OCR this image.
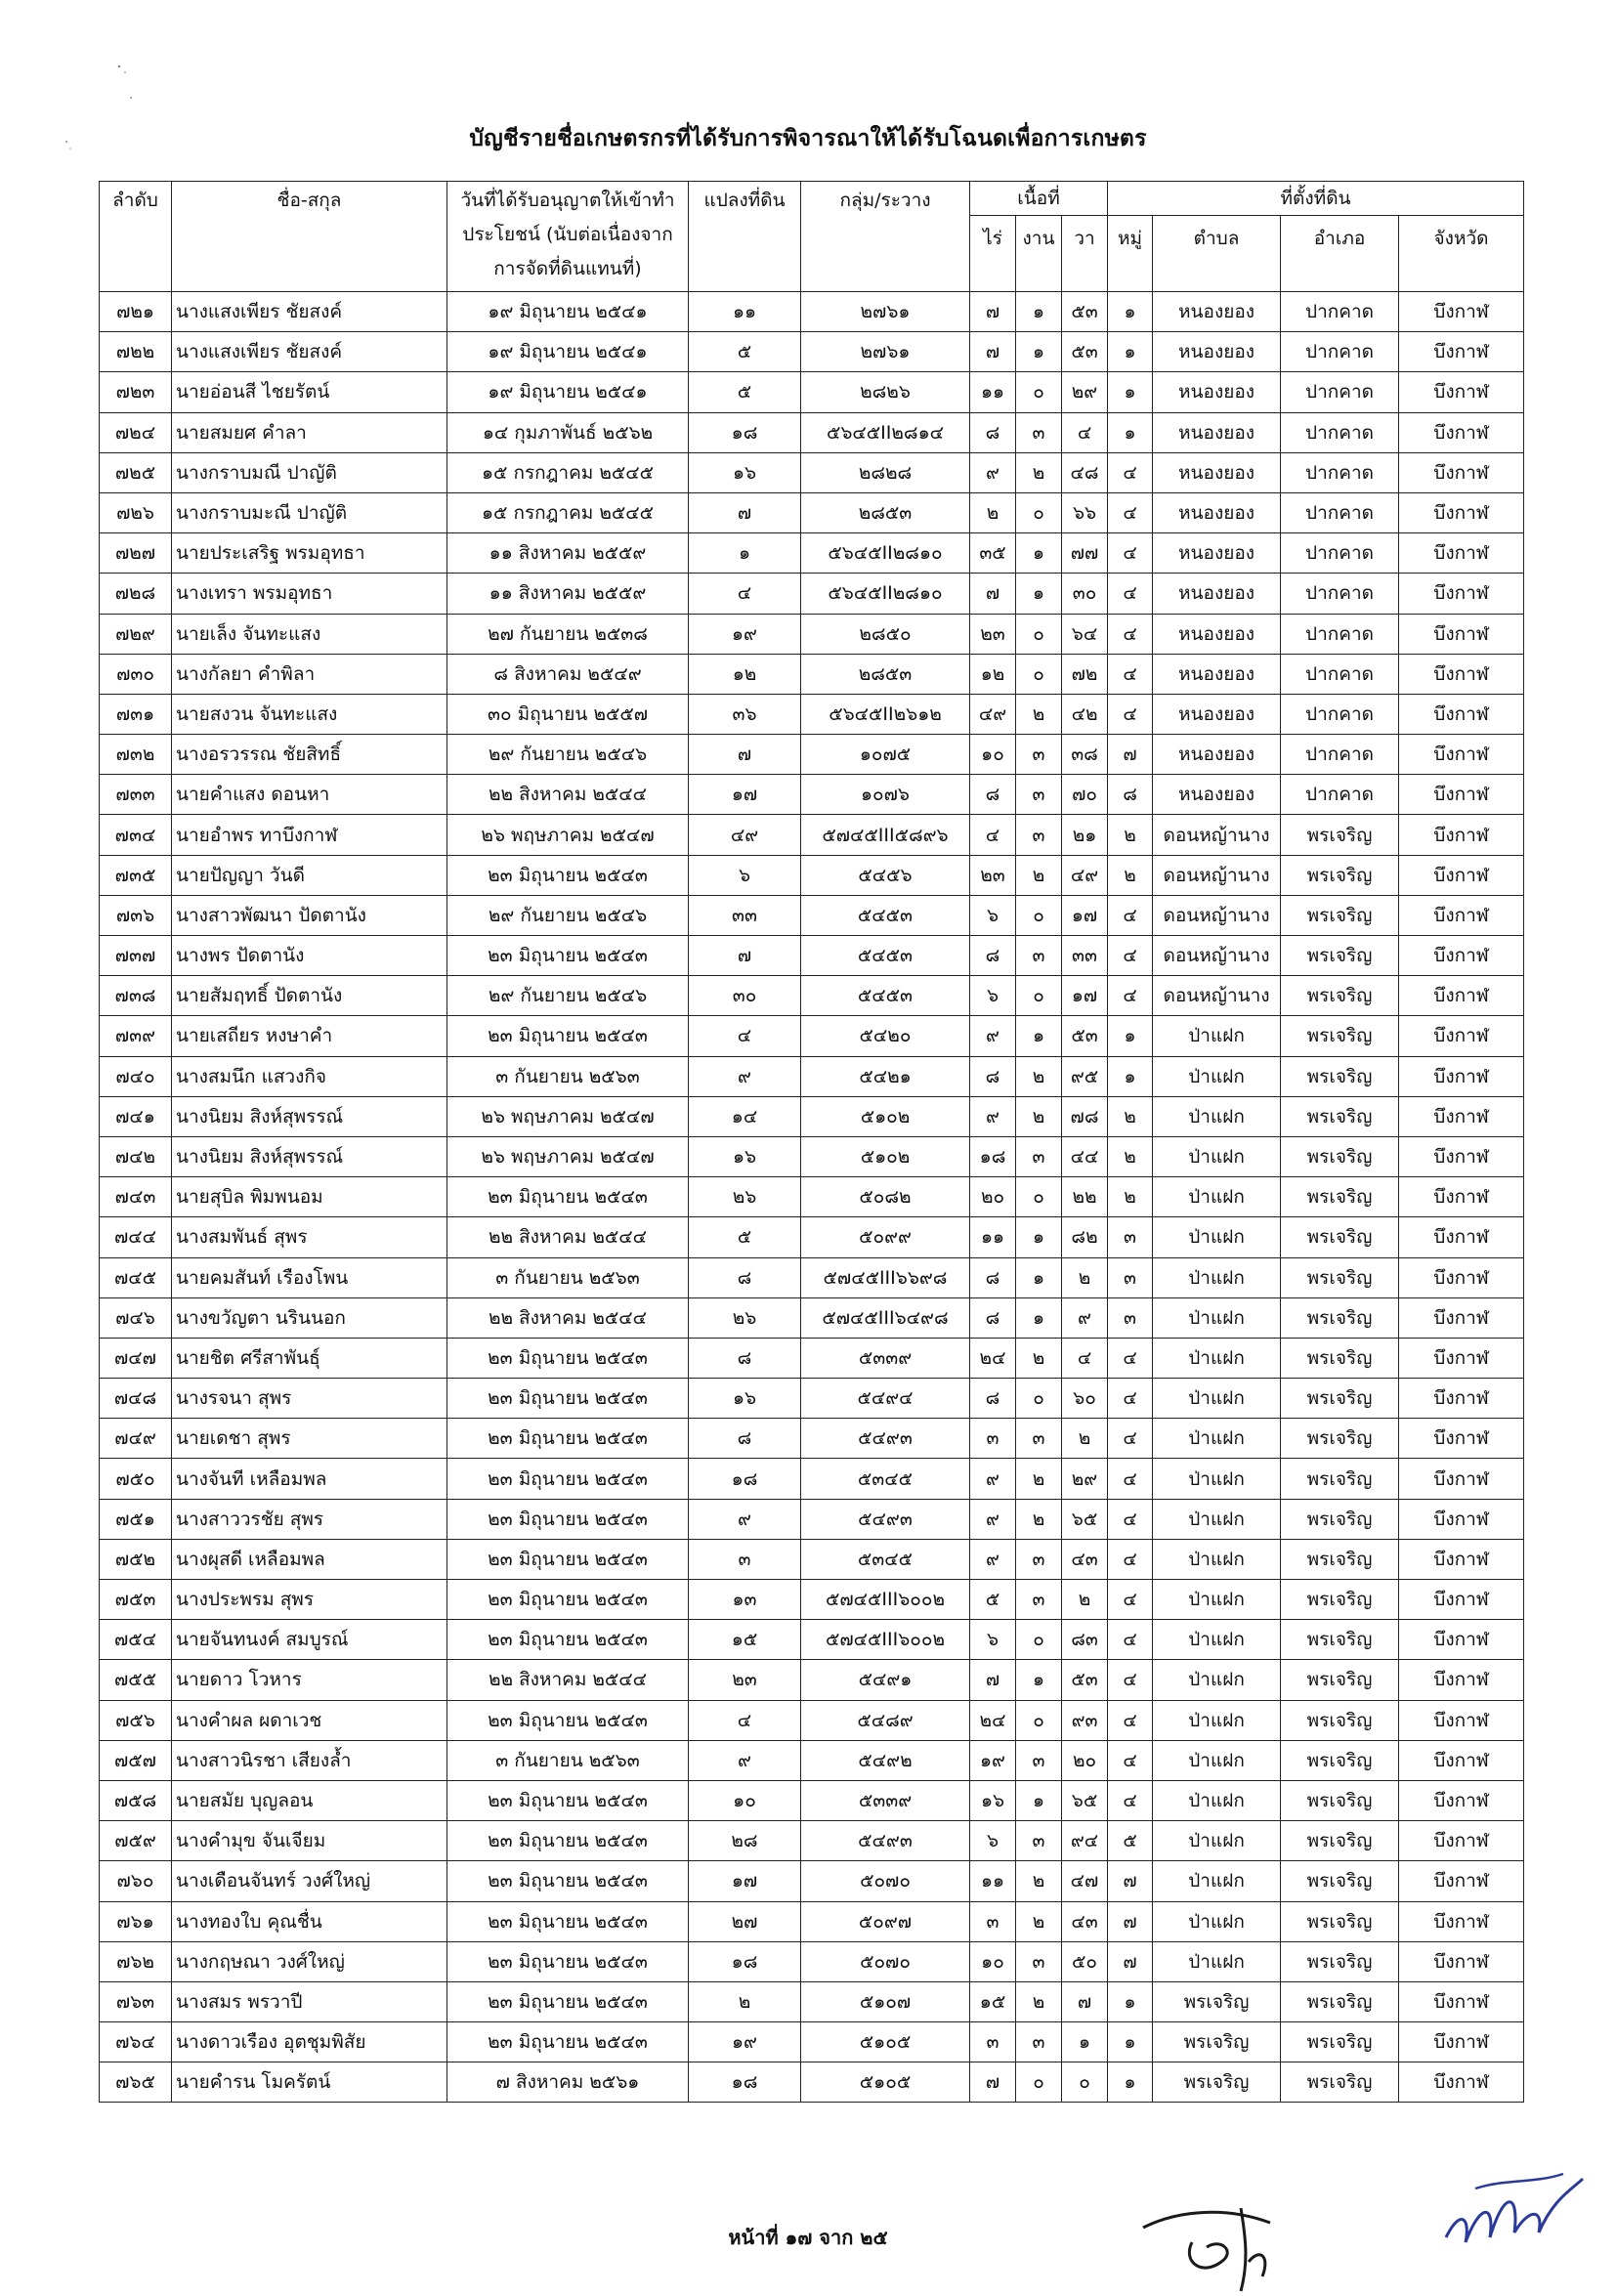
บัญชีรายชื่อเกษตรกรที่ได้รับการพิจารณาให้ได้รับโฉนดเพื่อการเกษตร
ลำดับ	ชื่อ-สกุล	วันที่ได้รับอนุญาตให้เข้าทำประโยชน์ (นับต่อเนื่องจากการจัดที่ดินแทนที่)	แปลงที่ดิน	กลุ่ม/ระวาง	เนื้อที่			ที่ตั้งที่ดิน			
					ไร่	งาน	วา	หมู่	ตำบล	อำเภอ	จังหวัด
๗๒๑	นางแสงเพียร ชัยสงค์	๑๙ มิถุนายน ๒๕๔๑	๑๑	๒๗๖๑	๗	๑	๕๓	๑	หนองยอง	ปากคาด	บึงกาฬ
๗๒๒	นางแสงเพียร ชัยสงค์	๑๙ มิถุนายน ๒๕๔๑	๕	๒๗๖๑	๗	๑	๕๓	๑	หนองยอง	ปากคาด	บึงกาฬ
๗๒๓	นายอ่อนสี ไชยรัตน์	๑๙ มิถุนายน ๒๕๔๑	๕	๒๘๒๖	๑๑	๐	๒๙	๑	หนองยอง	ปากคาด	บึงกาฬ
๗๒๔	นายสมยศ คำลา	๑๔ กุมภาพันธ์ ๒๕๖๒	๑๘	๕๖๔๕II๒๘๑๔	๘	๓	๔	๑	หนองยอง	ปากคาด	บึงกาฬ
๗๒๕	นางกราบมณี ปาญัติ	๑๕ กรกฎาคม ๒๕๔๕	๑๖	๒๘๒๘	๙	๒	๔๘	๔	หนองยอง	ปากคาด	บึงกาฬ
๗๒๖	นางกราบมะณี ปาญัติ	๑๕ กรกฎาคม ๒๕๔๕	๗	๒๘๕๓	๒	๐	๖๖	๔	หนองยอง	ปากคาด	บึงกาฬ
๗๒๗	นายประเสริฐ พรมอุทธา	๑๑ สิงหาคม ๒๕๕๙	๑	๕๖๔๕II๒๘๑๐	๓๕	๑	๗๗	๔	หนองยอง	ปากคาด	บึงกาฬ
๗๒๘	นางเทรา พรมอุทธา	๑๑ สิงหาคม ๒๕๕๙	๔	๕๖๔๕II๒๘๑๐	๗	๑	๓๐	๔	หนองยอง	ปากคาด	บึงกาฬ
๗๒๙	นายเล็ง จันทะแสง	๒๗ กันยายน ๒๕๓๘	๑๙	๒๘๕๐	๒๓	๐	๖๔	๔	หนองยอง	ปากคาด	บึงกาฬ
๗๓๐	นางกัลยา คำพิลา	๘ สิงหาคม ๒๕๔๙	๑๒	๒๘๕๓	๑๒	๐	๗๒	๔	หนองยอง	ปากคาด	บึงกาฬ
๗๓๑	นายสงวน จันทะแสง	๓๐ มิถุนายน ๒๕๕๗	๓๖	๕๖๔๕II๒๖๑๒	๔๙	๒	๔๒	๔	หนองยอง	ปากคาด	บึงกาฬ
๗๓๒	นางอรวรรณ ชัยสิทธิ์	๒๙ กันยายน ๒๕๔๖	๗	๑๐๗๕	๑๐	๓	๓๘	๗	หนองยอง	ปากคาด	บึงกาฬ
๗๓๓	นายคำแสง ดอนหา	๒๒ สิงหาคม ๒๕๔๔	๑๗	๑๐๗๖	๘	๓	๗๐	๘	หนองยอง	ปากคาด	บึงกาฬ
๗๓๔	นายอำพร ทาบึงกาฬ	๒๖ พฤษภาคม ๒๕๔๗	๔๙	๕๗๔๕III๕๘๙๖	๔	๓	๒๑	๒	ดอนหญ้านาง	พรเจริญ	บึงกาฬ
๗๓๕	นายปัญญา วันดี	๒๓ มิถุนายน ๒๕๔๓	๖	๕๔๕๖	๒๓	๒	๔๙	๒	ดอนหญ้านาง	พรเจริญ	บึงกาฬ
๗๓๖	นางสาวพัฒนา ปัดตานัง	๒๙ กันยายน ๒๕๔๖	๓๓	๕๔๕๓	๖	๐	๑๗	๔	ดอนหญ้านาง	พรเจริญ	บึงกาฬ
๗๓๗	นางพร ปัดตานัง	๒๓ มิถุนายน ๒๕๔๓	๗	๕๔๕๓	๘	๓	๓๓	๔	ดอนหญ้านาง	พรเจริญ	บึงกาฬ
๗๓๘	นายสัมฤทธิ์ ปัดตานัง	๒๙ กันยายน ๒๕๔๖	๓๐	๕๔๕๓	๖	๐	๑๗	๔	ดอนหญ้านาง	พรเจริญ	บึงกาฬ
๗๓๙	นายเสถียร หงษาคำ	๒๓ มิถุนายน ๒๕๔๓	๔	๕๔๒๐	๙	๑	๕๓	๑	ป่าแฝก	พรเจริญ	บึงกาฬ
๗๔๐	นางสมนึก แสวงกิจ	๓ กันยายน ๒๕๖๓	๙	๕๔๒๑	๘	๒	๙๕	๑	ป่าแฝก	พรเจริญ	บึงกาฬ
๗๔๑	นางนิยม สิงห์สุพรรณ์	๒๖ พฤษภาคม ๒๕๔๗	๑๔	๕๑๐๒	๙	๒	๗๘	๒	ป่าแฝก	พรเจริญ	บึงกาฬ
๗๔๒	นางนิยม สิงห์สุพรรณ์	๒๖ พฤษภาคม ๒๕๔๗	๑๖	๕๑๐๒	๑๘	๓	๔๔	๒	ป่าแฝก	พรเจริญ	บึงกาฬ
๗๔๓	นายสุบิล พิมพนอม	๒๓ มิถุนายน ๒๕๔๓	๒๖	๕๐๘๒	๒๐	๐	๒๒	๒	ป่าแฝก	พรเจริญ	บึงกาฬ
๗๔๔	นางสมพันธ์ สุพร	๒๒ สิงหาคม ๒๕๔๔	๕	๕๐๙๙	๑๑	๑	๘๒	๓	ป่าแฝก	พรเจริญ	บึงกาฬ
๗๔๕	นายคมสันท์ เรืองโพน	๓ กันยายน ๒๕๖๓	๘	๕๗๔๕III๖๖๙๘	๘	๑	๒	๓	ป่าแฝก	พรเจริญ	บึงกาฬ
๗๔๖	นางขวัญตา นรินนอก	๒๒ สิงหาคม ๒๕๔๔	๒๖	๕๗๔๕III๖๔๙๘	๘	๑	๙	๓	ป่าแฝก	พรเจริญ	บึงกาฬ
๗๔๗	นายชิต ศรีสาพันธุ์	๒๓ มิถุนายน ๒๕๔๓	๘	๕๓๓๙	๒๔	๒	๔	๔	ป่าแฝก	พรเจริญ	บึงกาฬ
๗๔๘	นางรจนา สุพร	๒๓ มิถุนายน ๒๕๔๓	๑๖	๕๔๙๔	๘	๐	๖๐	๔	ป่าแฝก	พรเจริญ	บึงกาฬ
๗๔๙	นายเดชา สุพร	๒๓ มิถุนายน ๒๕๔๓	๘	๕๔๙๓	๓	๓	๒	๔	ป่าแฝก	พรเจริญ	บึงกาฬ
๗๕๐	นางจันที เหลือมพล	๒๓ มิถุนายน ๒๕๔๓	๑๘	๕๓๔๕	๙	๒	๒๙	๔	ป่าแฝก	พรเจริญ	บึงกาฬ
๗๕๑	นางสาววรชัย สุพร	๒๓ มิถุนายน ๒๕๔๓	๙	๕๔๙๓	๙	๒	๖๕	๔	ป่าแฝก	พรเจริญ	บึงกาฬ
๗๕๒	นางผุสดี เหลือมพล	๒๓ มิถุนายน ๒๕๔๓	๓	๕๓๔๕	๙	๓	๔๓	๔	ป่าแฝก	พรเจริญ	บึงกาฬ
๗๕๓	นางประพรม สุพร	๒๓ มิถุนายน ๒๕๔๓	๑๓	๕๗๔๕III๖๐๐๒	๕	๓	๒	๔	ป่าแฝก	พรเจริญ	บึงกาฬ
๗๕๔	นายจันทนงค์ สมบูรณ์	๒๓ มิถุนายน ๒๕๔๓	๑๕	๕๗๔๕III๖๐๐๒	๖	๐	๘๓	๔	ป่าแฝก	พรเจริญ	บึงกาฬ
๗๕๕	นายดาว โวหาร	๒๒ สิงหาคม ๒๕๔๔	๒๓	๕๔๙๑	๗	๑	๕๓	๔	ป่าแฝก	พรเจริญ	บึงกาฬ
๗๕๖	นางคำผล ผดาเวช	๒๓ มิถุนายน ๒๕๔๓	๔	๕๔๘๙	๒๔	๐	๙๓	๔	ป่าแฝก	พรเจริญ	บึงกาฬ
๗๕๗	นางสาวนิรชา เสียงล้ำ	๓ กันยายน ๒๕๖๓	๙	๕๔๙๒	๑๙	๓	๒๐	๔	ป่าแฝก	พรเจริญ	บึงกาฬ
๗๕๘	นายสมัย บุญลอน	๒๓ มิถุนายน ๒๕๔๓	๑๐	๕๓๓๙	๑๖	๑	๖๕	๔	ป่าแฝก	พรเจริญ	บึงกาฬ
๗๕๙	นางคำมุข จันเจียม	๒๓ มิถุนายน ๒๕๔๓	๒๘	๕๔๙๓	๖	๓	๙๔	๕	ป่าแฝก	พรเจริญ	บึงกาฬ
๗๖๐	นางเดือนจันทร์ วงศ์ใหญ่	๒๓ มิถุนายน ๒๕๔๓	๑๗	๕๐๗๐	๑๑	๒	๔๗	๗	ป่าแฝก	พรเจริญ	บึงกาฬ
๗๖๑	นางทองใบ คุณชื่น	๒๓ มิถุนายน ๒๕๔๓	๒๗	๕๐๙๗	๓	๒	๔๓	๗	ป่าแฝก	พรเจริญ	บึงกาฬ
๗๖๒	นางกฤษณา วงศ์ใหญ่	๒๓ มิถุนายน ๒๕๔๓	๑๘	๕๐๗๐	๑๐	๓	๕๐	๗	ป่าแฝก	พรเจริญ	บึงกาฬ
๗๖๓	นางสมร พรวาปี	๒๓ มิถุนายน ๒๕๔๓	๒	๕๑๐๗	๑๕	๒	๗	๑	พรเจริญ	พรเจริญ	บึงกาฬ
๗๖๔	นางดาวเรือง อุตชุมพิสัย	๒๓ มิถุนายน ๒๕๔๓	๑๙	๕๑๐๕	๓	๓	๑	๑	พรเจริญ	พรเจริญ	บึงกาฬ
๗๖๕	นายคำรน โมครัตน์	๗ สิงหาคม ๒๕๖๑	๑๘	๕๑๐๕	๗	๐	๐	๑	พรเจริญ	พรเจริญ	บึงกาฬ
หน้าที่ ๑๗ จาก ๒๕
